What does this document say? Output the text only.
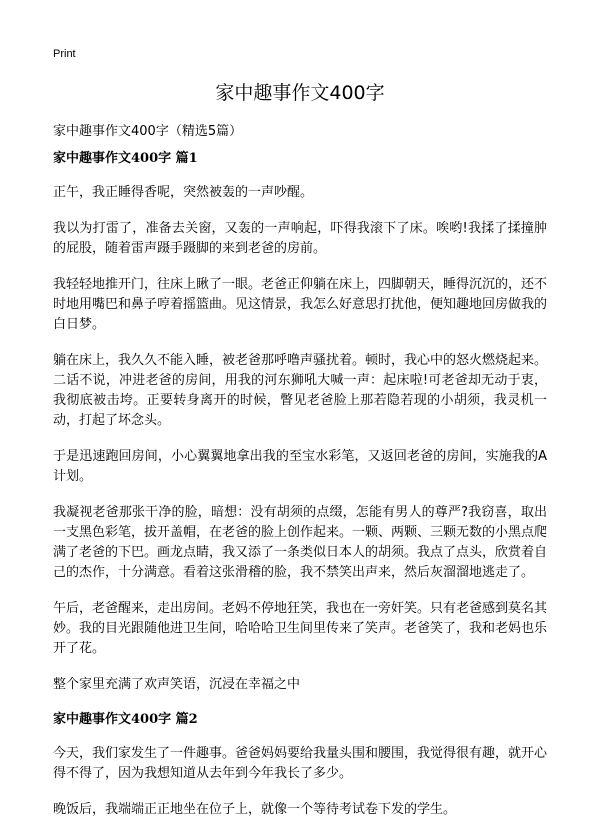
Print
家中趣事作文400字

家中趣事作文400字（精选5篇）

家中趣事作文400字 篇1

正午，我正睡得香呢，突然被轰的一声吵醒。

我以为打雷了，准备去关窗，又轰的一声响起，吓得我滚下了床。唉哟!我揉了揉撞肿的屁股，随着雷声蹑手蹑脚的来到老爸的房前。

我轻轻地推开门，往床上瞅了一眼。老爸正仰躺在床上，四脚朝天，睡得沉沉的，还不时地用嘴巴和鼻子哼着摇篮曲。见这情景，我怎么好意思打扰他，便知趣地回房做我的白日梦。

躺在床上，我久久不能入睡，被老爸那呼噜声骚扰着。顿时，我心中的怒火燃烧起来。二话不说，冲进老爸的房间，用我的河东狮吼大喊一声：起床啦!可老爸却无动于衷，我彻底被击垮。正要转身离开的时候，瞥见老爸脸上那若隐若现的小胡须，我灵机一动，打起了坏念头。

于是迅速跑回房间，小心翼翼地拿出我的至宝水彩笔，又返回老爸的房间，实施我的A计划。

我凝视老爸那张干净的脸，暗想：没有胡须的点缀，怎能有男人的尊严?我窃喜，取出一支黑色彩笔，拔开盖帽，在老爸的脸上创作起来。一颗、两颗、三颗无数的小黑点爬满了老爸的下巴。画龙点睛，我又添了一条类似日本人的胡须。我点了点头，欣赏着自己的杰作，十分满意。看着这张滑稽的脸，我不禁笑出声来，然后灰溜溜地逃走了。

午后，老爸醒来，走出房间。老妈不停地狂笑，我也在一旁奸笑。只有老爸感到莫名其妙。我的目光跟随他进卫生间，哈哈哈卫生间里传来了笑声。老爸笑了，我和老妈也乐开了花。

整个家里充满了欢声笑语，沉浸在幸福之中

家中趣事作文400字 篇2

今天，我们家发生了一件趣事。爸爸妈妈要给我量头围和腰围，我觉得很有趣，就开心得不得了，因为我想知道从去年到今年我长了多少。

晚饭后，我端端正正地坐在位子上，就像一个等待考试卷下发的学生。
